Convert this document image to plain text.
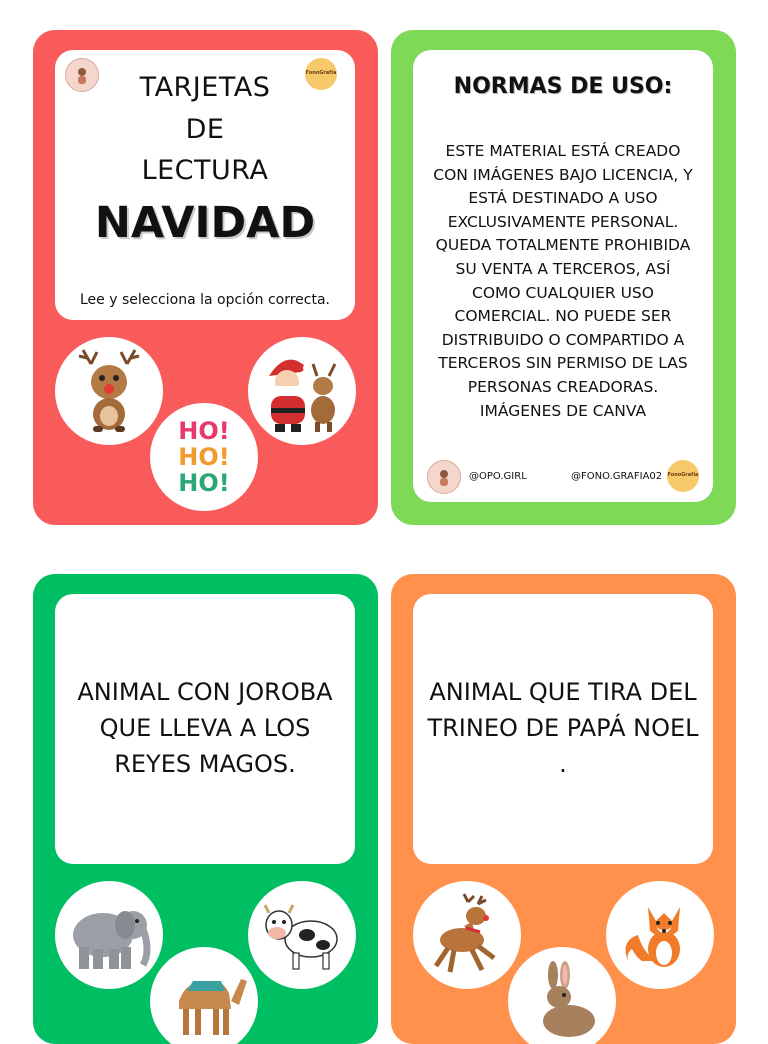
FonoGrafía
TARJETAS
DE
LECTURA
NAVIDAD
Lee y selecciona la opción correcta.
HO!
HO!
HO!
NORMAS DE USO:
ESTE MATERIAL ESTÁ CREADO
CON IMÁGENES BAJO LICENCIA, Y
ESTÁ DESTINADO A USO
EXCLUSIVAMENTE PERSONAL.
QUEDA TOTALMENTE PROHIBIDA
SU VENTA A TERCEROS, ASÍ
COMO CUALQUIER USO
COMERCIAL. NO PUEDE SER
DISTRIBUIDO O COMPARTIDO A
TERCEROS SIN PERMISO DE LAS
PERSONAS CREADORAS.
IMÁGENES DE CANVA
@OPO.GIRL	@FONO.GRAFIA02 FonoGrafía
ANIMAL CON JOROBA
QUE LLEVA A LOS
REYES MAGOS.
ANIMAL QUE TIRA DEL
TRINEO DE PAPÁ NOEL .
